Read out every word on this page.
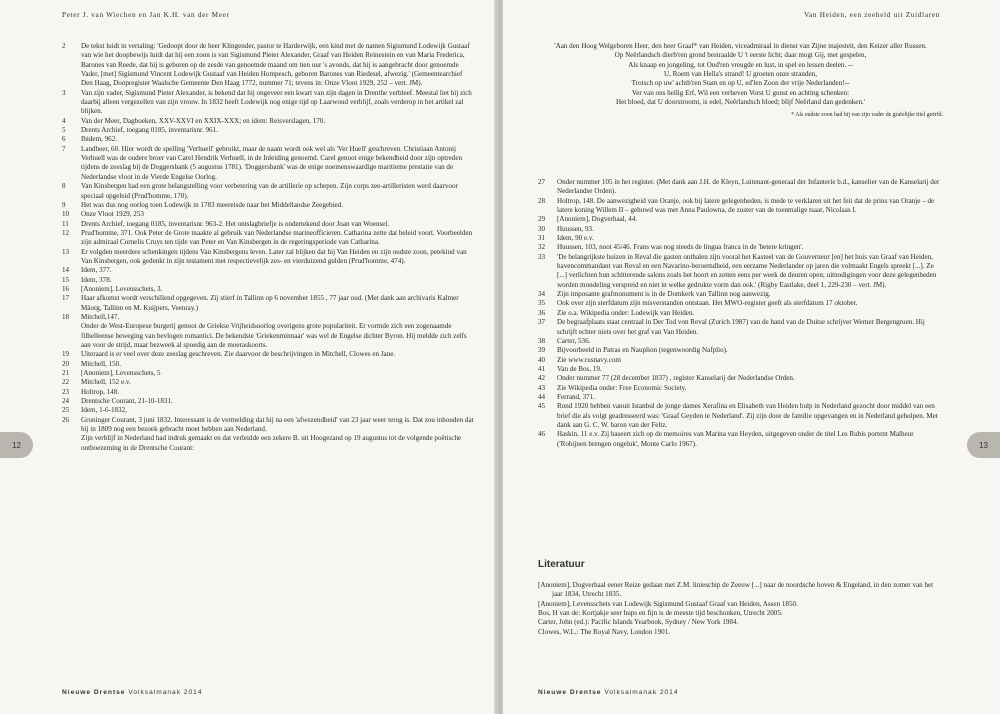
Peter J. van Wiechen en Jan K.H. van der Meer
2	De tekst luidt in vertaling: 'Gedoopt door de heer Klingender, pastor te Harderwijk, een kind met de namen Sigismund Lodewijk Gustaaf van wie het doopbewijs luidt dat hij een zoon is van Sigismund Pieter Alexander, Graaf van Heiden Reinestein en van Maria Frederica, Barones van Reede, dat hij is geboren op de zesde van genoemde maand om tien uur 's avonds, dat hij is aangebracht door genoemde Vader, [met] Sigismund Vincent Lodewijk Gustaaf van Heiden Hompesch, geboren Barones van Riedesel, afwezig.' (Gemeentearchief Den Haag, Doopregister Waalsche Gemeente Den Haag 1772, nummer 71; tevens in: Onze Vloot 1929, 252 – vert. JM).
3	Van zijn vader, Sigismund Pieter Alexander, is bekend dat hij ongeveer een kwart van zijn dagen in Drenthe verbleef. Meestal liet hij zich daarbij alleen vergezellen van zijn vrouw. In 1832 heeft Lodewijk nog enige tijd op Laarwoud verblijf, zoals verderop in het artikel zal blijken.
4	Van der Meer, Dagboeken, XXV-XXVI en XXIX-XXX; en idem: Reisverslagen, 170.
5	Drents Archief, toegang 0185, inventarisnr. 961.
6	Ibidem, 962.
7	Landheer, 60. Hier wordt de spelling 'Verhuell' gebruikt, maar de naam wordt ook wel als 'Ver Huell' geschreven. Christiaan Antonij Verhuell was de oudere broer van Carel Hendrik Verhuell, in de Inleiding genoemd. Carel genoot enige bekendheid door zijn optreden tijdens de zeeslag bij de Doggersbank (5 augustus 1781). 'Doggersbank' was de enige noemenswaardige maritieme prestatie van de Nederlandse vloot in de Vierde Engelse Oorlog.
8	Van Kinsbergen had een grote belangstelling voor verbetering van de artillerie op schepen. Zijn corps zee-artilleristen werd daarvoor speciaal opgeleid (Prud'homme, 170).
9	Het was dus nog oorlog toen Lodewijk in 1783 meereisde naar het Middellandse Zeegebied.
10	Onze Vloot 1929, 253
11	Drents Archief, toegang 0185, inventarisnr. 963-2. Het ontslagbriefje is ondertekend door Joan van Woensel.
12	Prud'homme, 371. Ook Peter de Grote maakte al gebruik van Nederlandse marineofficieren. Catharina zette dat beleid voort. Voorbeelden zijn admiraal Cornelis Cruys ten tijde van Peter en Van Kinsbergen in de regeringsperiode van Catharina.
13	Er volgden meerdere schenkingen tijdens Van Kinsbergens leven. Later zal blijken dat hij Van Heiden en zijn oudste zoon, petekind van Van Kinsbergen, ook gedenkt in zijn testament met respectievelijk zes- en vierduizend gulden (Prud'homme, 474).
14	Idem, 377.
15	Idem, 378.
16	[Anoniem], Levensschets, 3.
17	Haar afkomst wordt verschillend opgegeven. Zij stierf in Tallinn op 6 november 1855 , 77 jaar oud. (Met dank aan archivaris Kalmer Mäorg, Tallinn en M. Kuijpers, Veenray.)
18	Mitchell,147.
Onder de West-Europese burgerij genoot de Griekse Vrijheidsoorlog overigens grote populariteit. Er vormde zich een zogenaamde filhelleense beweging van bevlogen romantici. De bekendste 'Griekenminnaar' was wel de Engelse dichter Byron. Hij meldde zich zelfs aan voor de strijd, maar bezweek al spoedig aan de moeraskoorts.
19	Uiteraard is er veel over deze zeeslag geschreven. Zie daarvoor de beschrijvingen in Mitchell, Clowes en Jane.
20	Mitchell, 150.
21	[Anoniem], Levensschets, 5
22	Mitchell, 152 e.v.
23	Holtrop, 148.
24	Drentsche Courant, 21-10-1831.
25	Idem, 1-6-1832,
26	Groninger Courant, 3 juni 1832. Interessant is de vermelding dat hij na een 'afwezendheid' van 23 jaar weer terug is. Dat zou inhouden dat hij in 1809 nog een bezoek gebracht moet hebben aan Nederland.
Zijn verblijf in Nederland had indruk gemaakt en dat verleidde een zekere B. uit Hoogezand op 19 augustus tot de volgende poëtische ontboezeming in de Drentsche Courant:
12
Nieuwe Drentse Volksalmanak 2014
Van Heiden, een zeeheld uit Zuidlaren
'Aan den Hoog Welgeboren Heer, den heer Graaf* van Heiden, viceadmiraal in dienst van Zijne majesteit, den Keizer aller Russen.
Op Neêrlandsch dierb'ren grond bestraalde U 't eerste licht; daar mogt Gij, met gespelen,
Als knaap en jongeling, tot Oud'ren vreugde en lust, in spel en lessen deelen. --
U, Roem van Hella's strand! U groeten onze stranden,
Trotsch op uw' achtb'ren Stam en op U, ed'len Zoon der vrije Nederlanden!--
Ver van ons heilig Erf, Wil een verheven Vorst U gunst en achting schenken:
Het bloed, dat U doorstroomt, is edel, Neêrlandsch bloed; blijf Neêrland dan gedenken.'
* Als oudste zoon had hij van zijn vader de grafelijke titel geërfd.
27	Onder nummer 105 in het register. (Met dank aan J.H. de Kleyn, Luitenant-generaal der Infanterie b.d., kanselier van de Kanselarij der Nederlandse Orden).
28	Holtrop, 148. De aanwezigheid van Oranje, ook bij latere gelegenheden, is mede te verklaren uit het feit dat de prins van Oranje – de latere koning Willem II – gehuwd was met Anna Paulowna, de zuster van de toenmalige tsaar, Nicolaas I.
29	[Anoniem], Dogverhaal, 44.
30	Huussen, 93.
31	Idem, 90 e.v.
32	Huussen, 103, noot 45/46. Frans was nog steeds de lingua franca in de 'betere kringen'.
33	'De belangrijkste huizen in Reval die gasten onthalen zijn vooral het Kasteel van de Gouverneur [en] het huis van Graaf van Heiden, havencommandant van Reval en een Navarino-beroemdheid, een eerzame Nederlander op jaren die volmaakt Engels spreekt [...]. Ze [...] verlichten hun schitterende salons zoals het hoort en zetten eens per week de deuren open; uitnodigingen voor deze gelegenheden worden mondeling verspreid en niet in welke gedrukte vorm dan ook.' (Rigby Eastlake, deel 1, 229-230 – vert. JM).
34	Zijn imposante grafmonument is in de Domkerk van Tallinn nog aanwezig.
35	Ook over zijn sterfdatum zijn misverstanden ontstaan. Het MWO-register geeft als sterfdatum 17 oktober.
36	Zie o.a. Wikipedia onder: Lodewijk van Heiden.
37	De begraafplaats staat centraal in Der Tod von Reval (Zurich 1987) van de hand van de Duitse schrijver Werner Bergengruen. Hij schrijft echter niets over het graf van Van Heiden.
38	Carter, 536.
39	Bijvoorbeeld in Patras en Nauplion (tegenwoordig Nafplio).
40	Zie www.rusnavy.com
41	Van de Bos, 19.
42	Onder nummer 77 (28 december 1837) , register Kanselarij der Nederlandse Orden.
43	Zie Wikipedia onder: Free Economic Society.
44	Ferrand, 371.
45	Rond 1920 hebben vanuit Istanbul de jonge dames Xerafina en Elisabeth van Heiden hulp in Nederland gezocht door middel van een brief die als volgt geadresseerd was: 'Graaf Geyden te Nederland'. Zij zijn door de familie opgevangen en in Nederland geholpen. Met dank aan G. C. W. baron van der Feltz.
46	Haskin, 11 e.v. Zij baseert zich op de memoires van Marina van Heyden, uitgegeven onder de titel Les Rubis portent Malheur ('Robijnen brengen ongeluk', Monte Carlo 1967).
Literatuur
[Anoniem], Dogverhaal eener Reize gedaan met Z.M. linieschip de Zeeuw [...] naar de noordsche hoven & Engeland, in den zomer van het jaar 1834, Utrecht 1835.
[Anoniem], Levensschets van Lodewijk Sigismund Gustaaf Graaf van Heiden, Assen 1850.
Bos, H van de: Kortjakje seer hups en fijn is de meeste tijd beschonken, Utrecht 2005.
Carter, John (ed.): Pacific Islands Yearbook, Sydney / New York 1984.
Clowes, W.L.: The Royal Navy, London 1901.
13
Nieuwe Drentse Volksalmanak 2014
